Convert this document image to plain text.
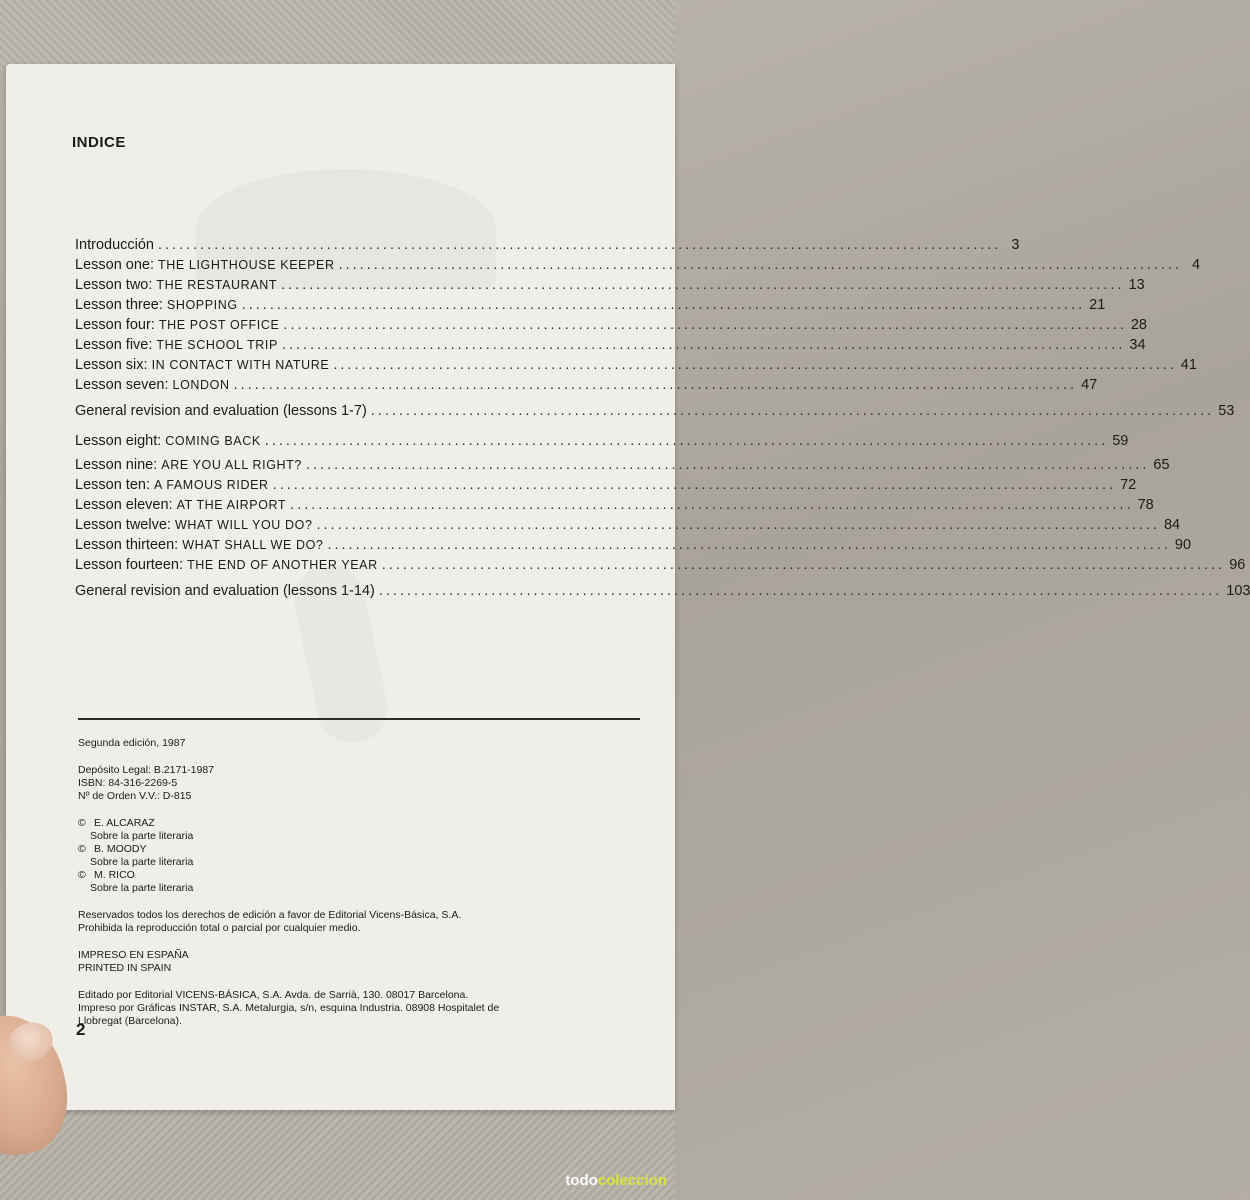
INDICE
Introducción ........................................................................................................................ 3
Lesson one: THE LIGHTHOUSE KEEPER ........................................................................................................................ 4
Lesson two: THE RESTAURANT ........................................................................................................................ 13
Lesson three: SHOPPING ........................................................................................................................ 21
Lesson four: THE POST OFFICE ........................................................................................................................ 28
Lesson five: THE SCHOOL TRIP ........................................................................................................................ 34
Lesson six: IN CONTACT WITH NATURE ........................................................................................................................ 41
Lesson seven: LONDON ........................................................................................................................ 47
General revision and evaluation (lessons 1-7) ........................................................................................................................ 53
Lesson eight: COMING BACK ........................................................................................................................ 59
Lesson nine: ARE YOU ALL RIGHT? ........................................................................................................................ 65
Lesson ten: A FAMOUS RIDER ........................................................................................................................ 72
Lesson eleven: AT THE AIRPORT ........................................................................................................................ 78
Lesson twelve: WHAT WILL YOU DO? ........................................................................................................................ 84
Lesson thirteen: WHAT SHALL WE DO? ........................................................................................................................ 90
Lesson fourteen: THE END OF ANOTHER YEAR ........................................................................................................................ 96
General revision and evaluation (lessons 1-14) ........................................................................................................................ 103
Segunda edición, 1987
Depósito Legal: B.2171-1987
ISBN: 84-316-2269-5
Nº de Orden V.V.: D-815
© E. ALCARAZ
Sobre la parte literaria
© B. MOODY
Sobre la parte literaria
© M. RICO
Sobre la parte literaria
Reservados todos los derechos de edición a favor de Editorial Vicens-Básica, S.A.
Prohibida la reproducción total o parcial por cualquier medio.
IMPRESO EN ESPAÑA
PRINTED IN SPAIN
Editado por Editorial VICENS-BÁSICA, S.A. Avda. de Sarrià, 130. 08017 Barcelona.
Impreso por Gráficas INSTAR, S.A. Metalurgia, s/n, esquina Industria. 08908 Hospitalet de
Llobregat (Barcelona).
2
todocoleccion
